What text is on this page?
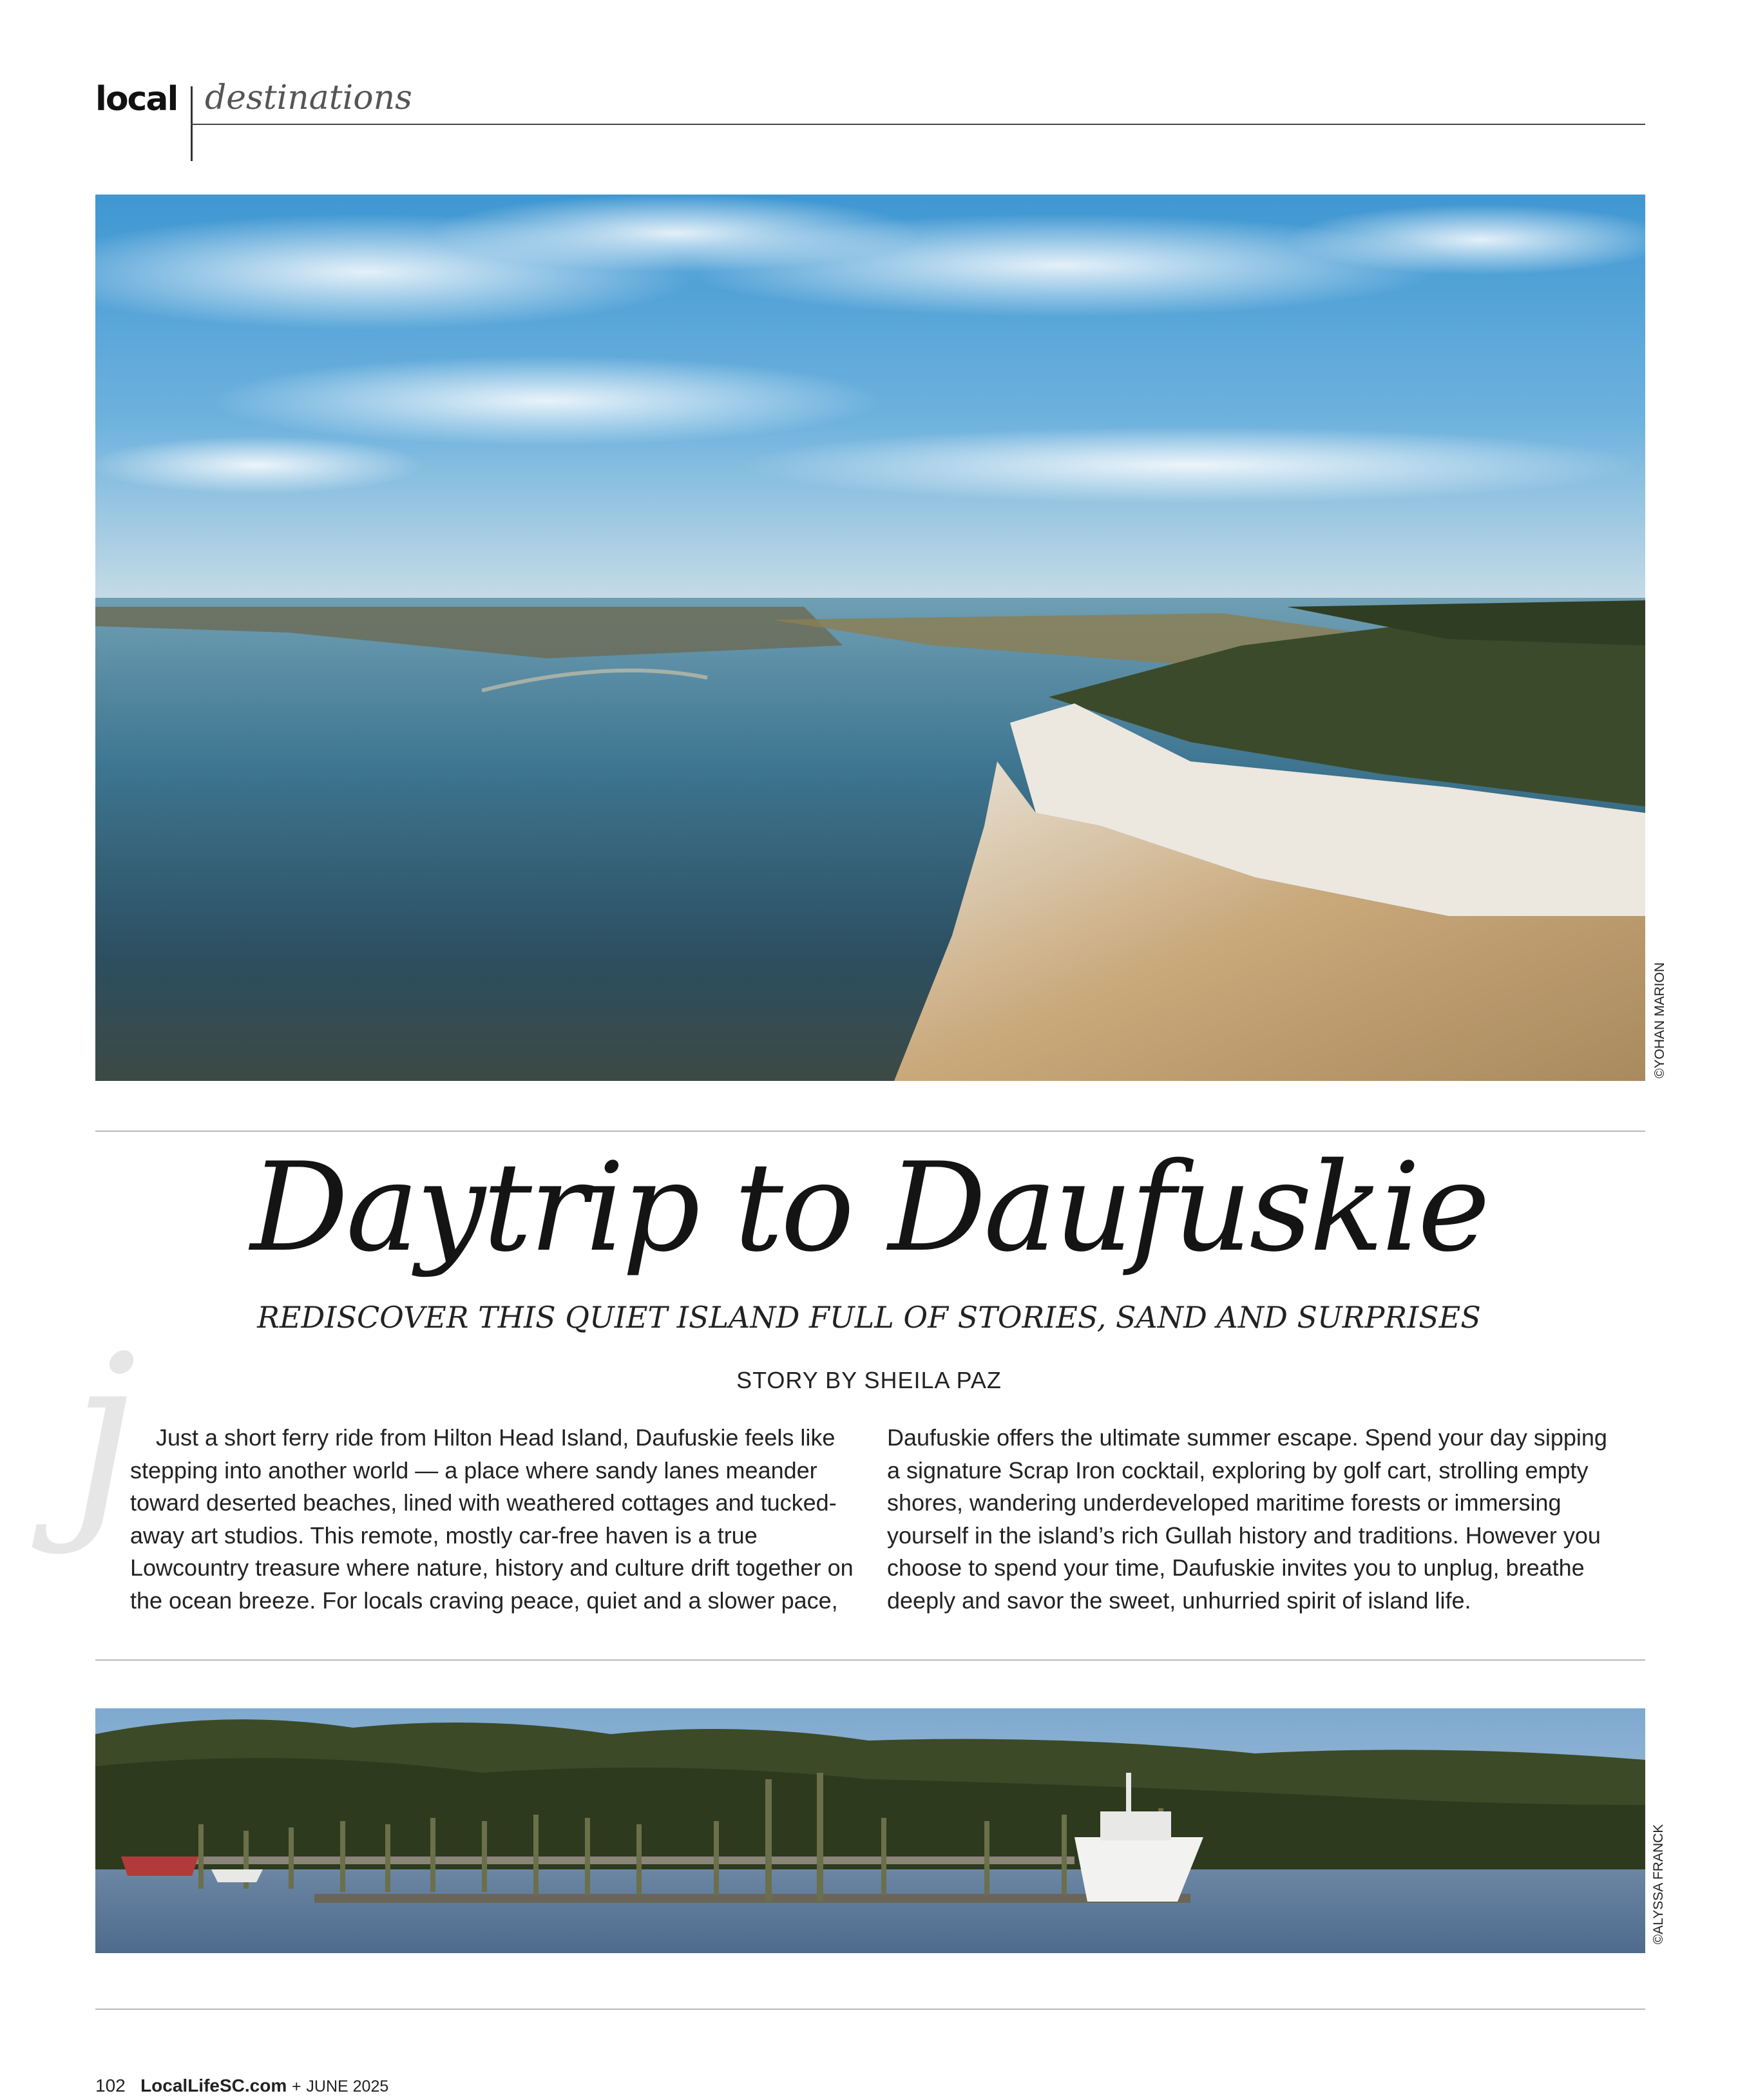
local destinations
©YOHAN MARION
Daytrip to Daufuskie
REDISCOVER THIS QUIET ISLAND FULL OF STORIES, SAND AND SURPRISES
STORY BY SHEILA PAZ
j Just a short ferry ride from Hilton Head Island, Daufuskie feels like stepping into another world — a place where sandy lanes meander toward deserted beaches, lined with weathered cottages and tucked-away art studios. This remote, mostly car-free haven is a true Lowcountry treasure where nature, history and culture drift together on the ocean breeze. For locals craving peace, quiet and a slower pace,

Daufuskie offers the ultimate summer escape. Spend your day sipping a signature Scrap Iron cocktail, exploring by golf cart, strolling empty shores, wandering underdeveloped maritime forests or immersing yourself in the island’s rich Gullah history and traditions. However you choose to spend your time, Daufuskie invites you to unplug, breathe deeply and savor the sweet, unhurried spirit of island life.

©ALYSSA FRANCK
102 LocalLifeSC.com + JUNE 2025
